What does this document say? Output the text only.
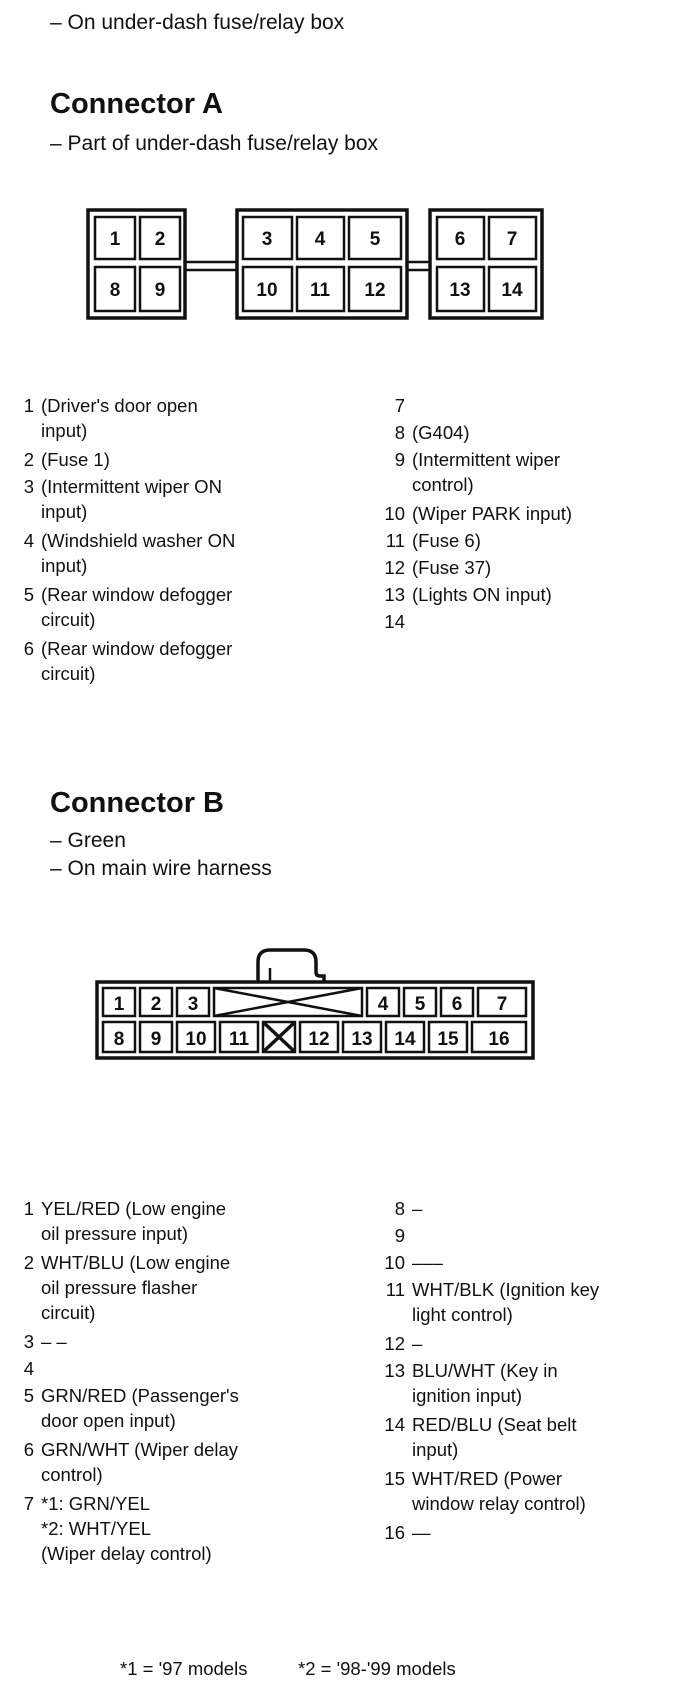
– On under-dash fuse/relay box
Connector A
– Part of under-dash fuse/relay box
1 2
8 9
3 4 5
10 11 12
6 7
13 14
1 (Driver's door open
input)
2 (Fuse 1)
3 (Intermittent wiper ON
input)
4 (Windshield washer ON
input)
5 (Rear window defogger
circuit)
6 (Rear window defogger
circuit)
7
8 (G404)
9 (Intermittent wiper
control)
10 (Wiper PARK input)
11 (Fuse 6)
12 (Fuse 37)
13 (Lights ON input)
14
Connector B
– Green
– On main wire harness
1 2 3	4 5 6 7
8 9 10 11	12 13 14 15 16
1 YEL/RED (Low engine
oil pressure input)
2 WHT/BLU (Low engine
oil pressure flasher
circuit)
3 – –
4
5 GRN/RED (Passenger's
door open input)
6 GRN/WHT (Wiper delay
control)
7 *1: GRN/YEL
*2: WHT/YEL
(Wiper delay control)
8 –
9
10 –––
11 WHT/BLK (Ignition key
light control)
12 –
13 BLU/WHT (Key in
ignition input)
14 RED/BLU (Seat belt
input)
15 WHT/RED (Power
window relay control)
16 —
*1 = '97 models	*2 = '98-'99 models
